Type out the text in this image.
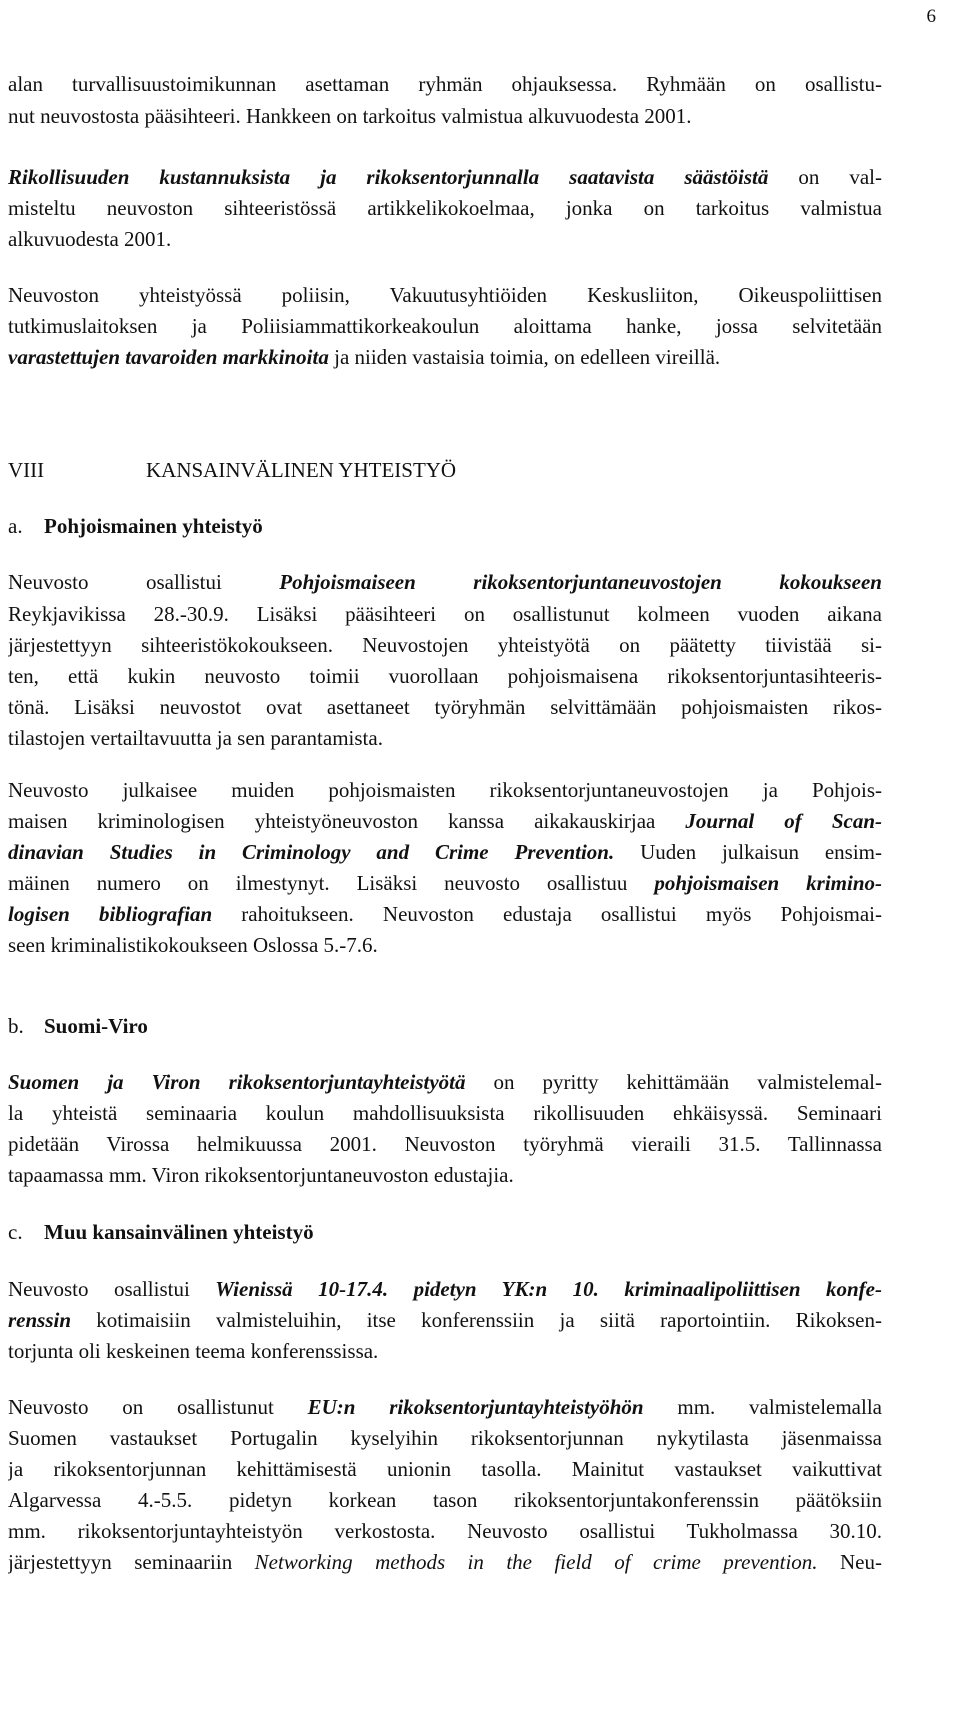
6
alan turvallisuustoimikunnan asettaman ryhmän ohjauksessa. Ryhmään on osallistu-
nut neuvostosta pääsihteeri. Hankkeen on tarkoitus valmistua alkuvuodesta 2001.
Rikollisuuden kustannuksista ja rikoksentorjunnalla saatavista säästöistä on val-
misteltu neuvoston sihteeristössä artikkelikokoelmaa, jonka on tarkoitus valmistua
alkuvuodesta 2001.
Neuvoston yhteistyössä poliisin, Vakuutusyhtiöiden Keskusliiton, Oikeuspoliittisen
tutkimuslaitoksen ja Poliisiammattikorkeakoulun aloittama hanke, jossa selvitetään
varastettujen tavaroiden markkinoita ja niiden vastaisia toimia, on edelleen vireillä.
VIII	KANSAINVÄLINEN YHTEISTYÖ
a. Pohjoismainen yhteistyö
Neuvosto osallistui Pohjoismaiseen rikoksentorjuntaneuvostojen kokoukseen
Reykjavikissa 28.-30.9. Lisäksi pääsihteeri on osallistunut kolmeen vuoden aikana
järjestettyyn sihteeristökokoukseen. Neuvostojen yhteistyötä on päätetty tiivistää si-
ten, että kukin neuvosto toimii vuorollaan pohjoismaisena rikoksentorjuntasihteeris-
tönä. Lisäksi neuvostot ovat asettaneet työryhmän selvittämään pohjoismaisten rikos-
tilastojen vertailtavuutta ja sen parantamista.
Neuvosto julkaisee muiden pohjoismaisten rikoksentorjuntaneuvostojen ja Pohjois-
maisen kriminologisen yhteistyöneuvoston kanssa aikakauskirjaa Journal of Scan-
dinavian Studies in Criminology and Crime Prevention. Uuden julkaisun ensim-
mäinen numero on ilmestynyt. Lisäksi neuvosto osallistuu pohjoismaisen krimino-
logisen bibliografian rahoitukseen. Neuvoston edustaja osallistui myös Pohjoismai-
seen kriminalistikokoukseen Oslossa 5.-7.6.
b. Suomi-Viro
Suomen ja Viron rikoksentorjuntayhteistyötä on pyritty kehittämään valmistelemal-
la yhteistä seminaaria koulun mahdollisuuksista rikollisuuden ehkäisyssä. Seminaari
pidetään Virossa helmikuussa 2001. Neuvoston työryhmä vieraili 31.5. Tallinnassa
tapaamassa mm. Viron rikoksentorjuntaneuvoston edustajia.
c. Muu kansainvälinen yhteistyö
Neuvosto osallistui Wienissä 10-17.4. pidetyn YK:n 10. kriminaalipoliittisen konfe-
renssin kotimaisiin valmisteluihin, itse konferenssiin ja siitä raportointiin. Rikoksen-
torjunta oli keskeinen teema konferenssissa.
Neuvosto on osallistunut EU:n rikoksentorjuntayhteistyöhön mm. valmistelemalla
Suomen vastaukset Portugalin kyselyihin rikoksentorjunnan nykytilasta jäsenmaissa
ja rikoksentorjunnan kehittämisestä unionin tasolla. Mainitut vastaukset vaikuttivat
Algarvessa 4.-5.5. pidetyn korkean tason rikoksentorjuntakonferenssin päätöksiin
mm. rikoksentorjuntayhteistyön verkostosta. Neuvosto osallistui Tukholmassa 30.10.
järjestettyyn seminaariin Networking methods in the field of crime prevention. Neu-
